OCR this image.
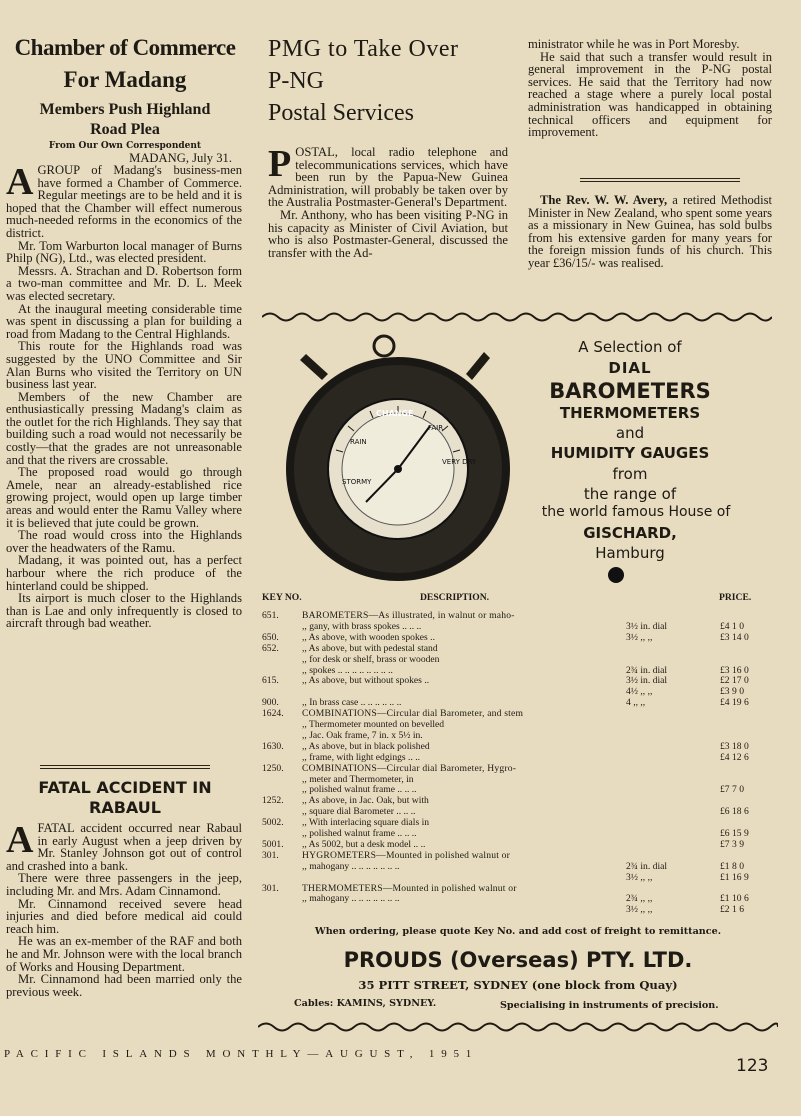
Chamber of Commerce
For Madang
Members Push Highland
Road Plea
From Our Own Correspondent
MADANG, July 31.

AGROUP of Madang's business-men have formed a Chamber of Commerce. Regular meetings are to be held and it is hoped that the Chamber will effect numerous much-needed reforms in the economics of the district.

Mr. Tom Warburton local manager of Burns Philp (NG), Ltd., was elected president.

Messrs. A. Strachan and D. Robertson form a two-man committee and Mr. D. L. Meek was elected secretary.

At the inaugural meeting considerable time was spent in discussing a plan for building a road from Madang to the Central Highlands.

This route for the Highlands road was suggested by the UNO Committee and Sir Alan Burns who visited the Territory on UN business last year.

Members of the new Chamber are enthusiastically pressing Madang's claim as the outlet for the rich Highlands. They say that building such a road would not necessarily be costly—that the grades are not unreasonable and that the rivers are crossable.

The proposed road would go through Amele, near an already-established rice growing project, would open up large timber areas and would enter the Ramu Valley where it is believed that jute could be grown.

The road would cross into the Highlands over the headwaters of the Ramu.

Madang, it was pointed out, has a perfect harbour where the rich produce of the hinterland could be shipped.

Its airport is much closer to the Highlands than is Lae and only infrequently is closed to aircraft through bad weather.

FATAL ACCIDENT IN
RABAUL

AFATAL accident occurred near Rabaul in early August when a jeep driven by Mr. Stanley Johnson got out of control and crashed into a bank.

There were three passengers in the jeep, including Mr. and Mrs. Adam Cinnamond.

Mr. Cinnamond received severe head injuries and died before medical aid could reach him.

He was an ex-member of the RAF and both he and Mr. Johnson were with the local branch of Works and Housing Department.

Mr. Cinnamond had been married only the previous week.

PMG to Take Over
P-NG
Postal Services

POSTAL, local radio telephone and telecommunications services, which have been run by the Papua-New Guinea Administration, will probably be taken over by the Australia Postmaster-General's Department.

Mr. Anthony, who has been visiting P-NG in his capacity as Minister of Civil Aviation, but who is also Postmaster-General, discussed the transfer with the Ad-

ministrator while he was in Port Moresby.

He said that such a transfer would result in general improvement in the P-NG postal services. He said that the Territory had now reached a stage where a purely local postal administration was handicapped in obtaining technical officers and equipment for improvement.

The Rev. W. W. Avery, a retired Methodist Minister in New Zealand, who spent some years as a missionary in New Guinea, has sold bulbs from his extensive garden for many years for the foreign mission funds of his church. This year £36/15/- was realised.

CHANGE
FAIR
RAIN
STORMY
VERY DRY
A Selection of
DIAL
BAROMETERS
THERMOMETERS
and
HUMIDITY GAUGES
from
the range of
the world famous House of
GISCHARD,
Hamburg
KEY NO.	DESCRIPTION.	PRICE.
651. BAROMETERS—As illustrated, in walnut or maho-
,, gany, with brass spokes .. .. ..	3½ in. dial	£4 1 0
650. ,, As above, with wooden spokes ..	3½ ,, ,,	£3 14 0
652. ,, As above, but with pedestal stand
,, for desk or shelf, brass or wooden
,, spokes .. .. .. .. .. .. .. ..	2¾ in. dial	£3 16 0
615. ,, As above, but without spokes ..	3½ in. dial	£2 17 0
4½ ,, ,,	£3 9 0
900. ,, In brass case .. .. .. .. .. ..	4 ,, ,,	£4 19 6
1624. COMBINATIONS—Circular dial Barometer, and stem
,, Thermometer mounted on bevelled
,, Jac. Oak frame, 7 in. x 5½ in.
1630. ,, As above, but in black polished	£3 18 0
,, frame, with light edgings .. ..	£4 12 6
1250. COMBINATIONS—Circular dial Barometer, Hygro-
,, meter and Thermometer, in
,, polished walnut frame .. .. ..	£7 7 0
1252. ,, As above, in Jac. Oak, but with
,, square dial Barometer .. .. ..	£6 18 6
5002. ,, With interlacing square dials in
,, polished walnut frame .. .. ..	£6 15 9
5001. ,, As 5002, but a desk model .. ..	£7 3 9
301. HYGROMETERS—Mounted in polished walnut or
,, mahogany .. .. .. .. .. .. ..	2¾ in. dial	£1 8 0
3½ ,, ,,	£1 16 9
301. THERMOMETERS—Mounted in polished walnut or
,, mahogany .. .. .. .. .. .. ..	2¾ ,, ,,	£1 10 6
3½ ,, ,,	£2 1 6
When ordering, please quote Key No. and add cost of freight to remittance.
PROUDS (Overseas) PTY. LTD.
35 PITT STREET, SYDNEY (one block from Quay)
Cables: KAMINS, SYDNEY.	Specialising in instruments of precision.
PACIFIC ISLANDS MONTHLY—AUGUST, 1951
123
